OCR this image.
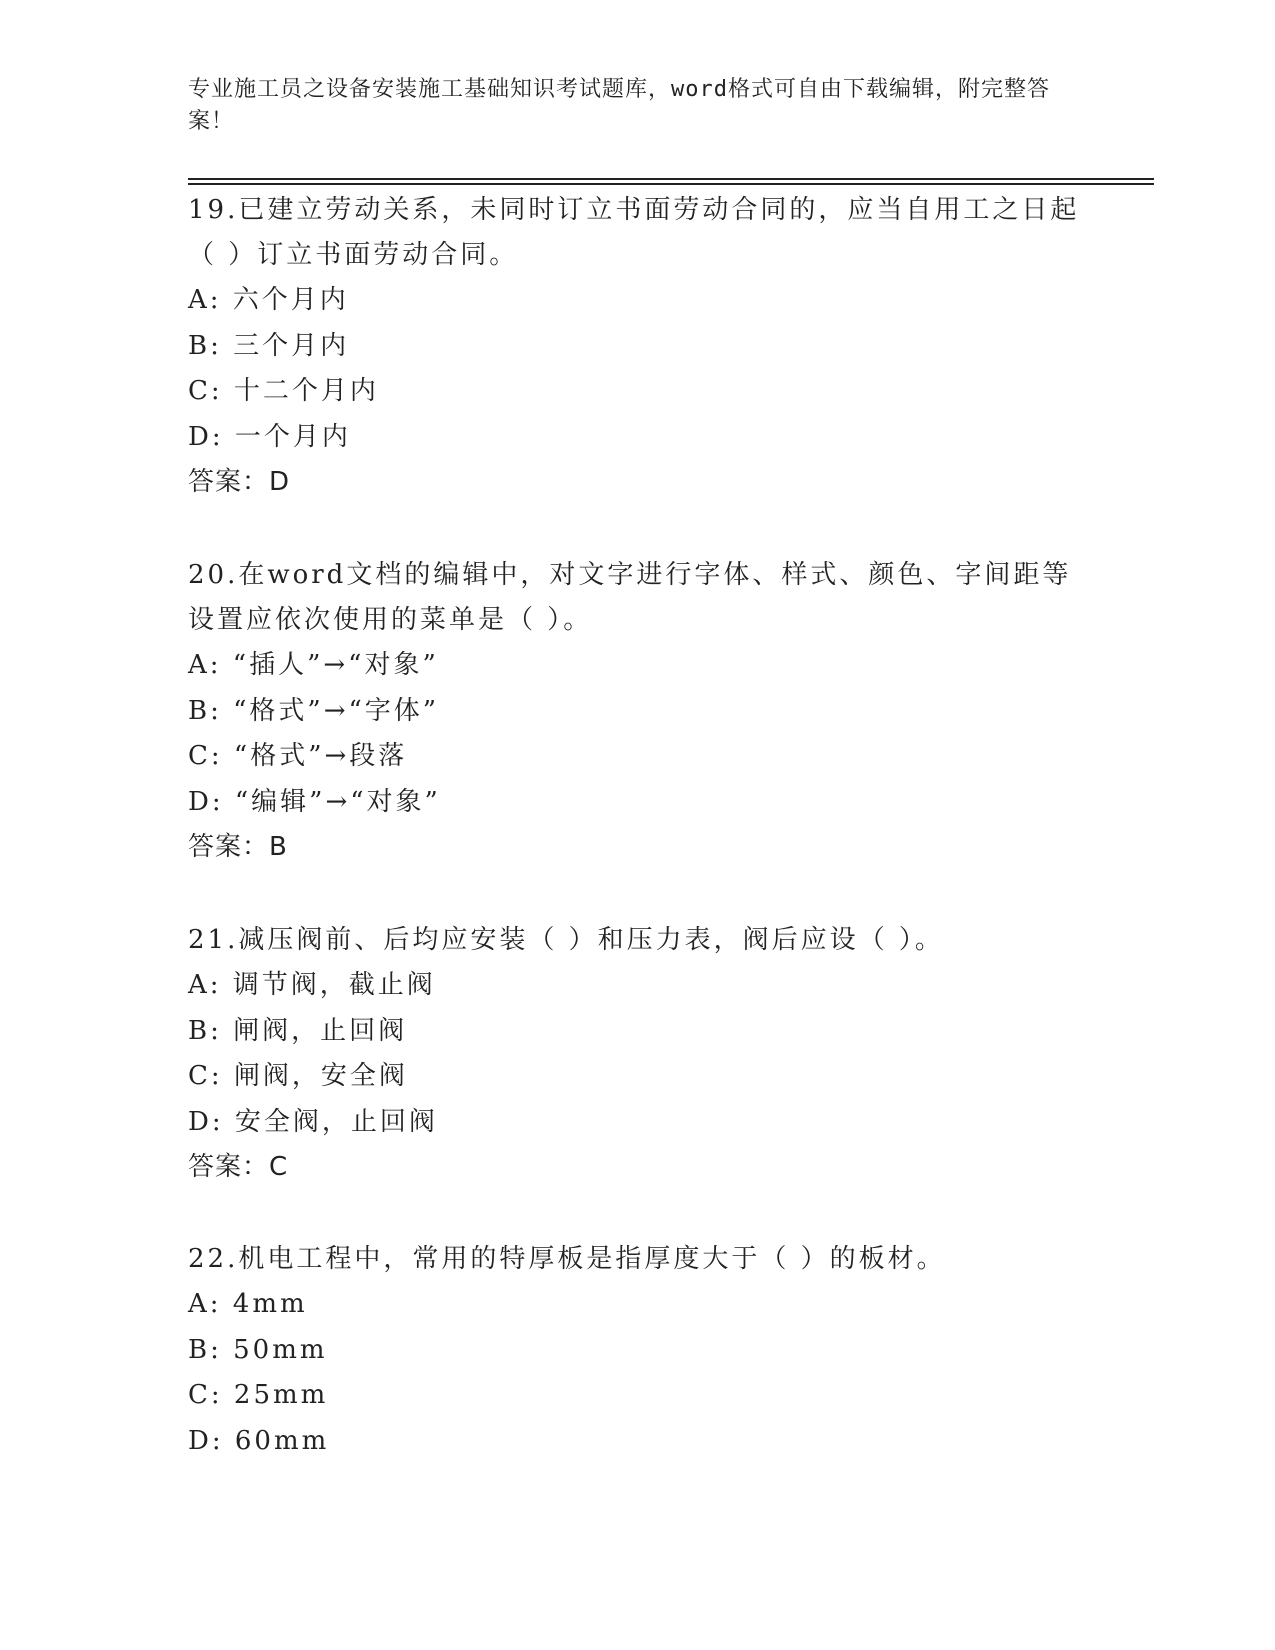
专业施工员之设备安装施工基础知识考试题库，word格式可自由下载编辑，附完整答案！

19.已建立劳动关系，未同时订立书面劳动合同的，应当自用工之日起（ ）订立书面劳动合同。

A: 六个月内

B: 三个月内

C: 十二个月内

D: 一个月内

答案：D

20.在word文档的编辑中，对文字进行字体、样式、颜色、字间距等设置应依次使用的菜单是（ ）。

A: “插人”→“对象”

B: “格式”→“字体”

C: “格式”→段落

D: “编辑”→“对象”

答案：B

21.减压阀前、后均应安装（ ）和压力表，阀后应设（ ）。

A: 调节阀，截止阀

B: 闸阀，止回阀

C: 闸阀，安全阀

D: 安全阀，止回阀

答案：C

22.机电工程中，常用的特厚板是指厚度大于（ ）的板材。

A: 4mm

B: 50mm

C: 25mm

D: 60mm
